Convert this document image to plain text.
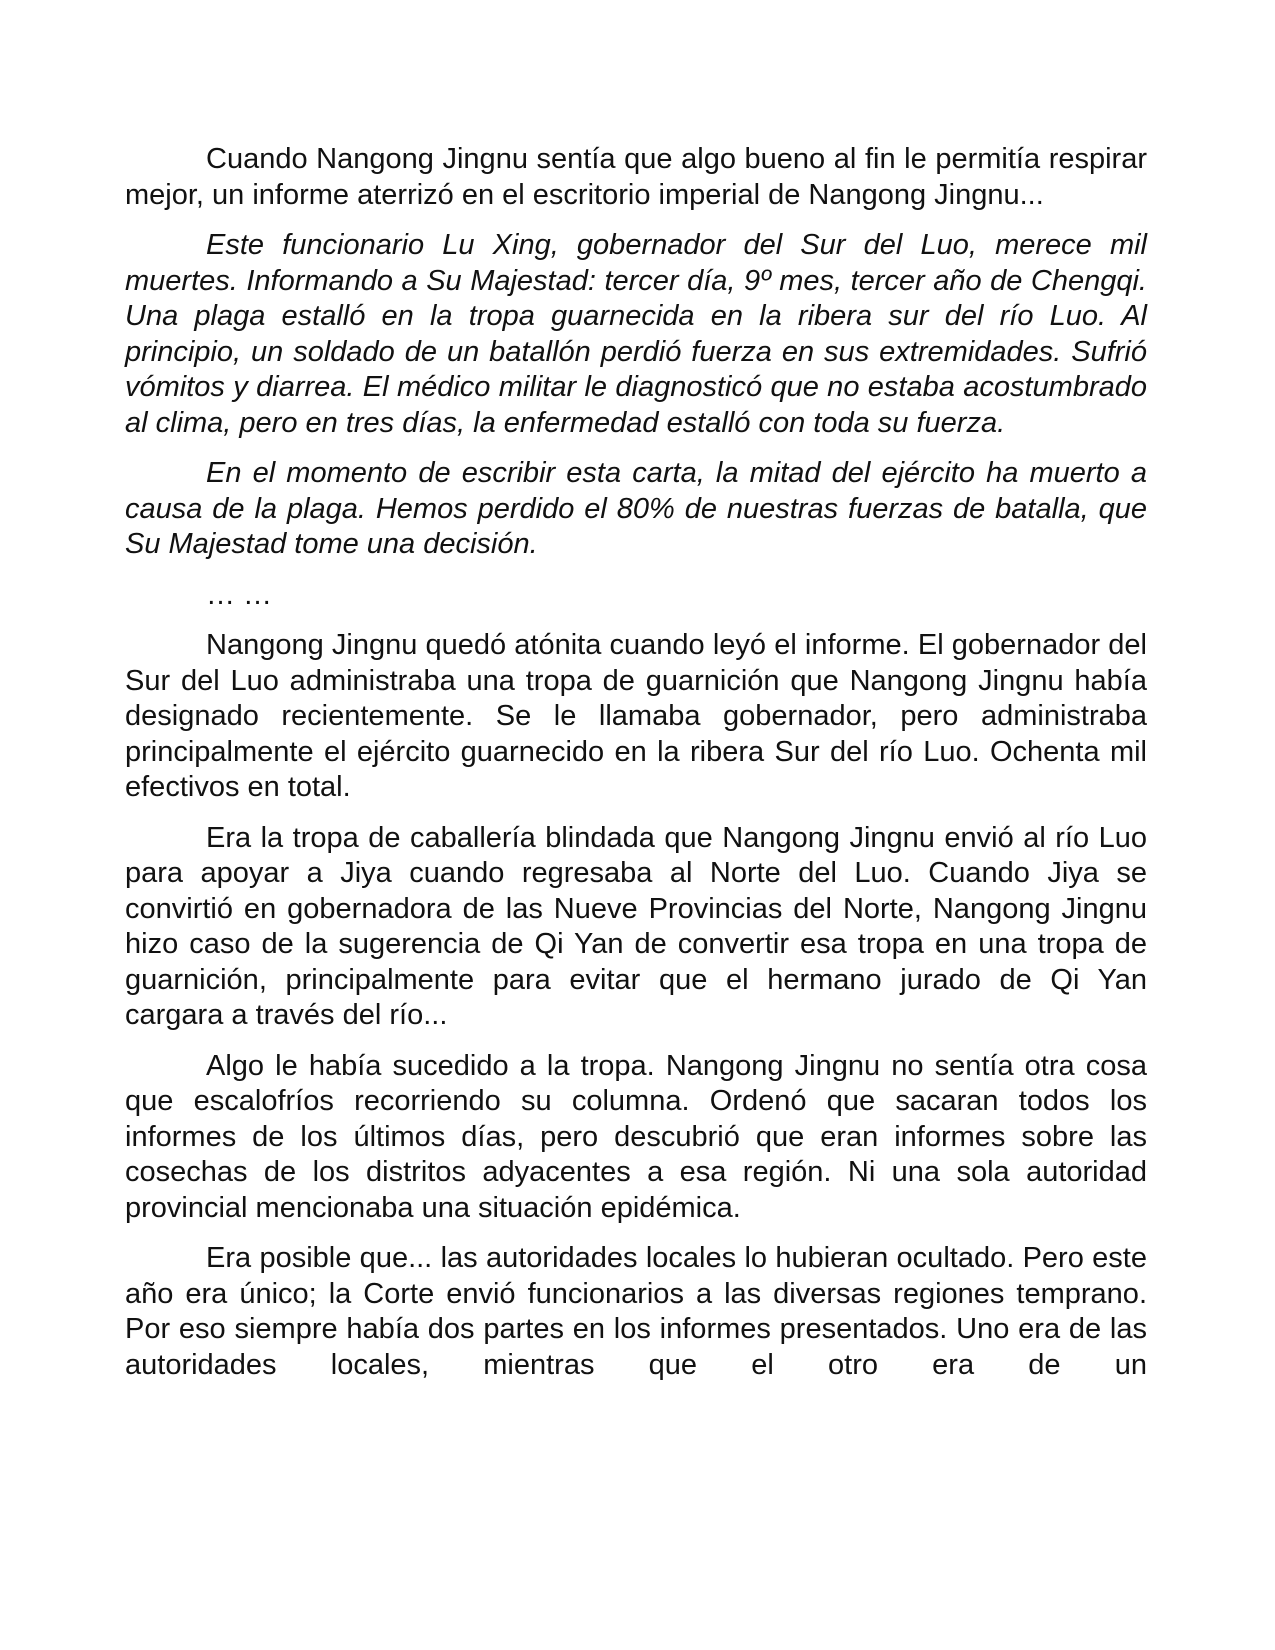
Cuando Nangong Jingnu sentía que algo bueno al fin le permitía respirar mejor, un informe aterrizó en el escritorio imperial de Nangong Jingnu...

Este funcionario Lu Xing, gobernador del Sur del Luo, merece mil muertes. Informando a Su Majestad: tercer día, 9º mes, tercer año de Chengqi. Una plaga estalló en la tropa guarnecida en la ribera sur del río Luo. Al principio, un soldado de un batallón perdió fuerza en sus extremidades. Sufrió vómitos y diarrea. El médico militar le diagnosticó que no estaba acostumbrado al clima, pero en tres días, la enfermedad estalló con toda su fuerza.

En el momento de escribir esta carta, la mitad del ejército ha muerto a causa de la plaga. Hemos perdido el 80% de nuestras fuerzas de batalla, que Su Majestad tome una decisión.

… …

Nangong Jingnu quedó atónita cuando leyó el informe. El gobernador del Sur del Luo administraba una tropa de guarnición que Nangong Jingnu había designado recientemente. Se le llamaba gobernador, pero administraba principalmente el ejército guarnecido en la ribera Sur del río Luo. Ochenta mil efectivos en total.

Era la tropa de caballería blindada que Nangong Jingnu envió al río Luo para apoyar a Jiya cuando regresaba al Norte del Luo. Cuando Jiya se convirtió en gobernadora de las Nueve Provincias del Norte, Nangong Jingnu hizo caso de la sugerencia de Qi Yan de convertir esa tropa en una tropa de guarnición, principalmente para evitar que el hermano jurado de Qi Yan cargara a través del río...

Algo le había sucedido a la tropa. Nangong Jingnu no sentía otra cosa que escalofríos recorriendo su columna. Ordenó que sacaran todos los informes de los últimos días, pero descubrió que eran informes sobre las cosechas de los distritos adyacentes a esa región. Ni una sola autoridad provincial mencionaba una situación epidémica.

Era posible que... las autoridades locales lo hubieran ocultado. Pero este año era único; la Corte envió funcionarios a las diversas regiones temprano. Por eso siempre había dos partes en los informes presentados. Uno era de las autoridades locales, mientras que el otro era de un
